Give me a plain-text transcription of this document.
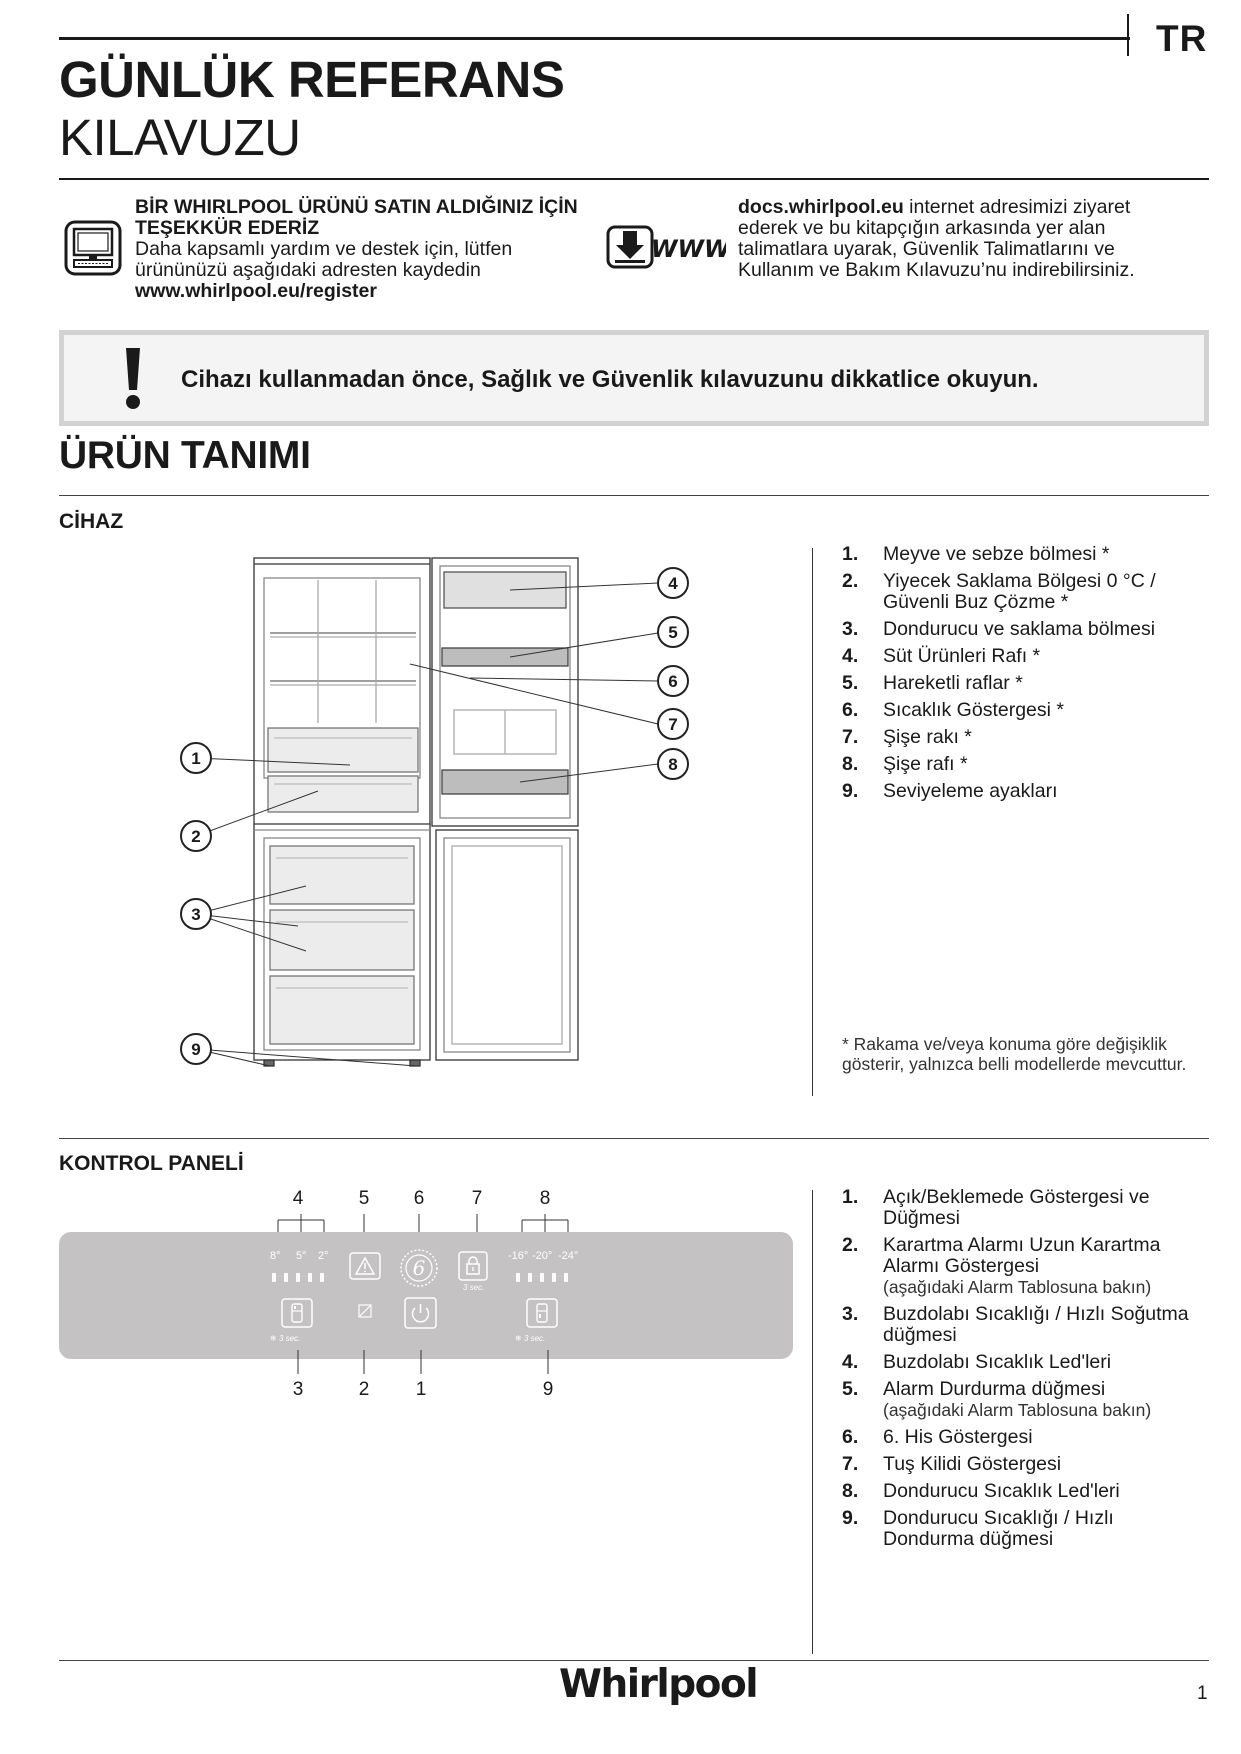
TR
GÜNLÜK REFERANS
KILAVUZU
BİR WHIRLPOOL ÜRÜNÜ SATIN ALDIĞINIZ İÇİN TEŞEKKÜR EDERİZ
Daha kapsamlı yardım ve destek için, lütfen ürününüzü aşağıdaki adresten kaydedin
www.whirlpool.eu/register
WWW
docs.whirlpool.eu internet adresimizi ziyaret ederek ve bu kitapçığın arkasında yer alan talimatlara uyarak, Güvenlik Talimatlarını ve Kullanım ve Bakım Kılavuzu’nu indirebilirsiniz.
Cihazı kullanmadan önce, Sağlık ve Güvenlik kılavuzunu dikkatlice okuyun.
ÜRÜN TANIMI
CİHAZ
1
2
3
4
5
6
7
8
9
1. Meyve ve sebze bölmesi *
2. Yiyecek Saklama Bölgesi 0 °C / Güvenli Buz Çözme *
3. Dondurucu ve saklama bölmesi
4. Süt Ürünleri Rafı *
5. Hareketli raflar *
6. Sıcaklık Göstergesi *
7. Şişe rakı *
8. Şişe rafı *
9. Seviyeleme ayakları
* Rakama ve/veya konuma göre değişiklik gösterir, yalnızca belli modellerde mevcuttur.
KONTROL PANELİ
4	5	6	7	8
8° 5° 2°	6
3 sec.
-16° -20° -24°
❄ 3 sec.	❄ 3 sec.
3	2	1	9
1. Açık/Beklemede Göstergesi ve Düğmesi
2. Karartma Alarmı Uzun Karartma Alarmı Göstergesi
(aşağıdaki Alarm Tablosuna bakın)
3. Buzdolabı Sıcaklığı / Hızlı Soğutma düğmesi
4. Buzdolabı Sıcaklık Led'leri
5. Alarm Durdurma düğmesi
(aşağıdaki Alarm Tablosuna bakın)
6. 6. His Göstergesi
7. Tuş Kilidi Göstergesi
8. Dondurucu Sıcaklık Led'leri
9. Dondurucu Sıcaklığı / Hızlı Dondurma düğmesi
Whirlpool	1
